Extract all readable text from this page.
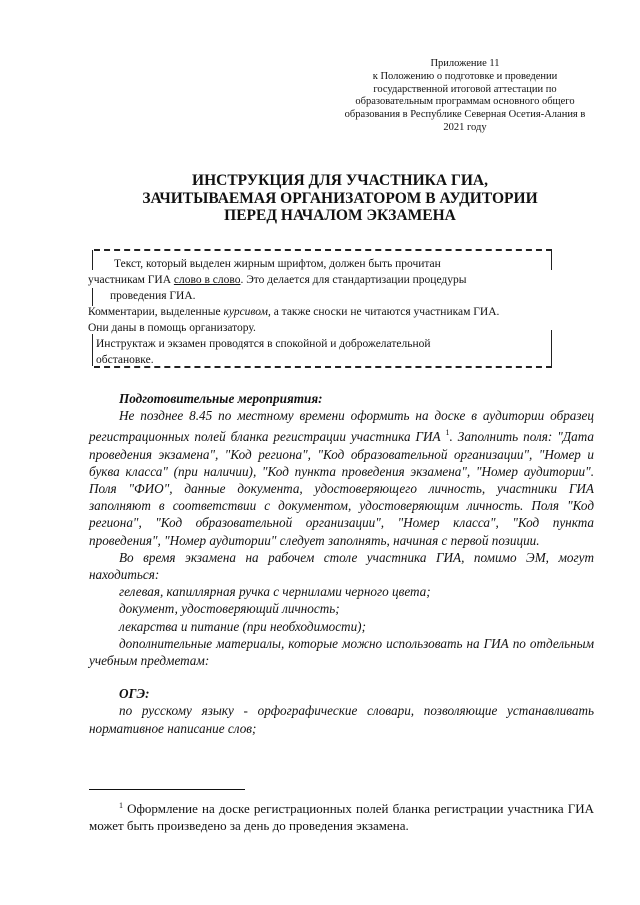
Приложение 11
к Положению о подготовке и проведении государственной итоговой аттестации по образовательным программам основного общего образования в Республике Северная Осетия-Алания в 2021 году
ИНСТРУКЦИЯ ДЛЯ УЧАСТНИКА ГИА,
ЗАЧИТЫВАЕМАЯ ОРГАНИЗАТОРОМ В АУДИТОРИИ
ПЕРЕД НАЧАЛОМ ЭКЗАМЕНА
Текст, который выделен жирным шрифтом, должен быть прочитан
участникам ГИА слово в слово. Это делается для стандартизации процедуры
проведения ГИА.
Комментарии, выделенные курсивом, а также сноски не читаются участникам ГИА.
Они даны в помощь организатору.
Инструктаж и экзамен проводятся в спокойной и доброжелательной
обстановке.

Подготовительные мероприятия:

Не позднее 8.45 по местному времени оформить на доске в аудитории образец регистрационных полей бланка регистрации участника ГИА $^1$. Заполнить поля: "Дата проведения экзамена", "Код региона", "Код образовательной организации", "Номер и буква класса" (при наличии), "Код пункта проведения экзамена", "Номер аудитории". Поля "ФИО", данные документа, удостоверяющего личность, участники ГИА заполняют в соответствии с документом, удостоверяющим личность. Поля "Код региона", "Код образовательной организации", "Номер класса", "Код пункта проведения", "Номер аудитории" следует заполнять, начиная с первой позиции.

Во время экзамена на рабочем столе участника ГИА, помимо ЭМ, могут находиться:

гелевая, капиллярная ручка с чернилами черного цвета;

документ, удостоверяющий личность;

лекарства и питание (при необходимости);

дополнительные материалы, которые можно использовать на ГИА по отдельным учебным предметам:

ОГЭ:

по русскому языку - орфографические словари, позволяющие устанавливать нормативное написание слов;

$^1$ Оформление на доске регистрационных полей бланка регистрации участника ГИА может быть произведено за день до проведения экзамена.
